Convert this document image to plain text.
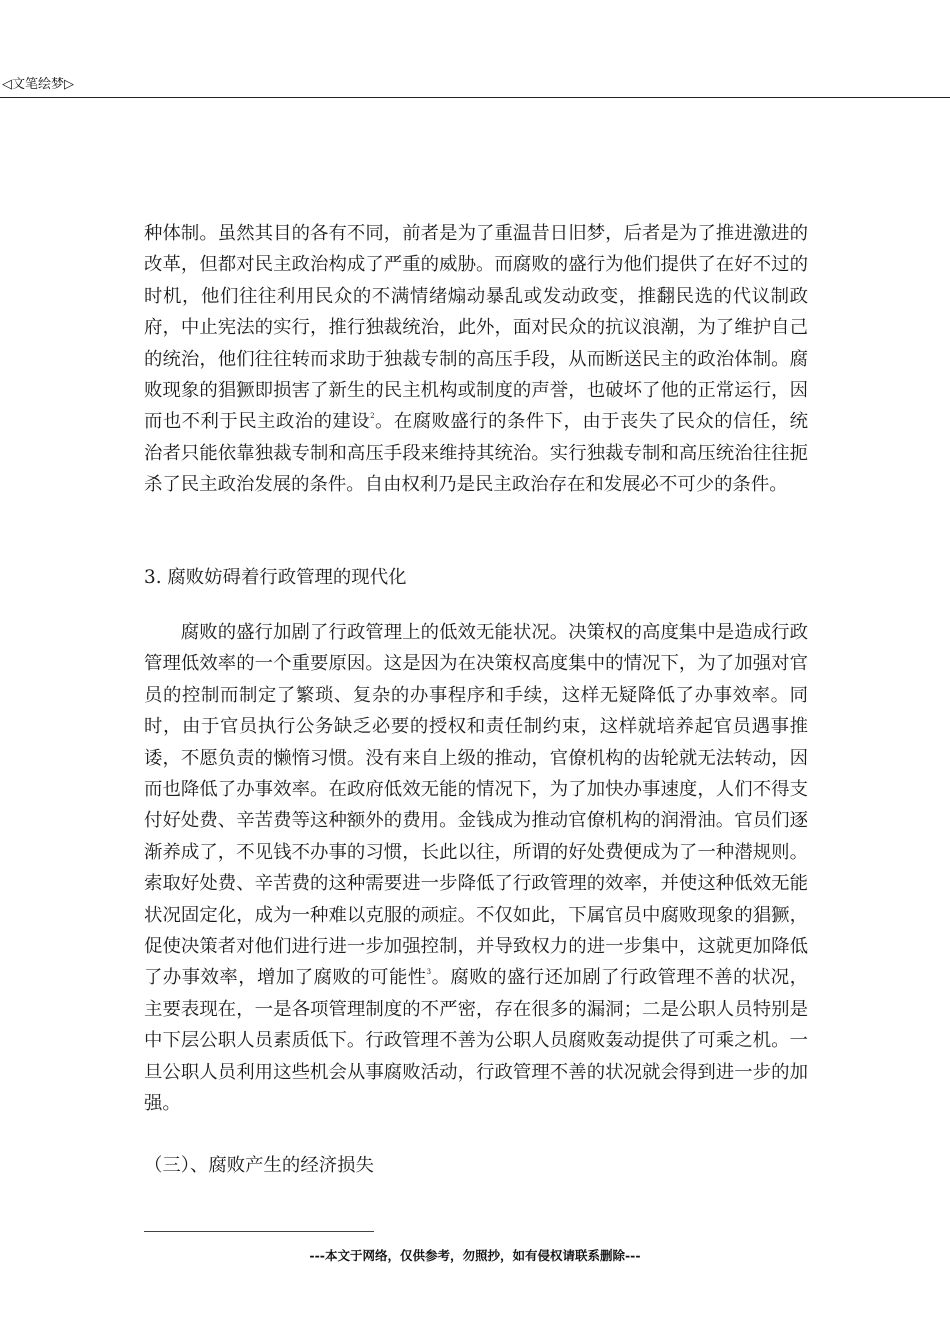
◁文笔绘梦▷

种体制。虽然其目的各有不同，前者是为了重温昔日旧梦，后者是为了推进激进的改革，但都对民主政治构成了严重的威胁。而腐败的盛行为他们提供了在好不过的时机，他们往往利用民众的不满情绪煽动暴乱或发动政变，推翻民选的代议制政府，中止宪法的实行，推行独裁统治，此外，面对民众的抗议浪潮，为了维护自己的统治，他们往往转而求助于独裁专制的高压手段，从而断送民主的政治体制。腐败现象的猖獗即损害了新生的民主机构或制度的声誉，也破坏了他的正常运行，因而也不利于民主政治的建设$^2$。在腐败盛行的条件下，由于丧失了民众的信任，统治者只能依靠独裁专制和高压手段来维持其统治。实行独裁专制和高压统治往往扼杀了民主政治发展的条件。自由权利乃是民主政治存在和发展必不可少的条件。

3. 腐败妨碍着行政管理的现代化

腐败的盛行加剧了行政管理上的低效无能状况。决策权的高度集中是造成行政管理低效率的一个重要原因。这是因为在决策权高度集中的情况下，为了加强对官员的控制而制定了繁琐、复杂的办事程序和手续，这样无疑降低了办事效率。同时，由于官员执行公务缺乏必要的授权和责任制约束，这样就培养起官员遇事推诿，不愿负责的懒惰习惯。没有来自上级的推动，官僚机构的齿轮就无法转动，因而也降低了办事效率。在政府低效无能的情况下，为了加快办事速度，人们不得支付好处费、辛苦费等这种额外的费用。金钱成为推动官僚机构的润滑油。官员们逐渐养成了，不见钱不办事的习惯，长此以往，所谓的好处费便成为了一种潜规则。索取好处费、辛苦费的这种需要进一步降低了行政管理的效率，并使这种低效无能状况固定化，成为一种难以克服的顽症。不仅如此，下属官员中腐败现象的猖獗，促使决策者对他们进行进一步加强控制，并导致权力的进一步集中，这就更加降低了办事效率，增加了腐败的可能性$^3$。腐败的盛行还加剧了行政管理不善的状况，主要表现在，一是各项管理制度的不严密，存在很多的漏洞；二是公职人员特别是中下层公职人员素质低下。行政管理不善为公职人员腐败轰动提供了可乘之机。一旦公职人员利用这些机会从事腐败活动，行政管理不善的状况就会得到进一步的加强。

（三）、腐败产生的经济损失
---本文于网络，仅供参考，勿照抄，如有侵权请联系删除---
